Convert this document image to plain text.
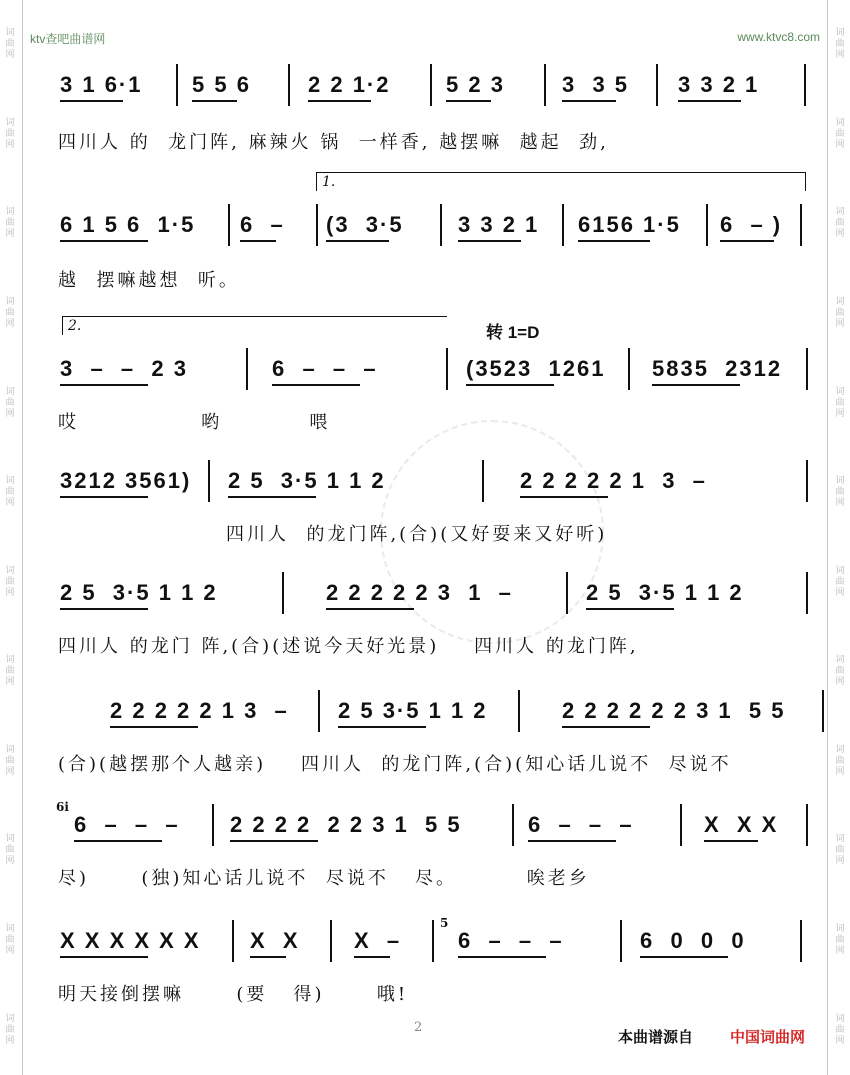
词曲网
词曲网
词曲网
词曲网
词曲网
词曲网
词曲网
词曲网
词曲网
词曲网
词曲网
词曲网
词曲网
词曲网
词曲网
词曲网
词曲网
词曲网
词曲网
词曲网
词曲网
词曲网
词曲网
词曲网
ktv查吧曲谱网	www.ktvc8.com
3 1 6·1 5 5 6	2 2 1·2	5 2 3	3  3 5 3 3 2 1
四川人 的  龙门阵, 麻辣火 锅  一样香, 越摆嘛  越起  劲,
6 1 5 6  1·5 6  – (3  3·5 3 3 2 1 6156 1·5 6  – )
越  摆嘛越想  听。
1.
3  –  –  2 3	6  –  –  –	(3523  1261 5835  2312
哎              哟          喂
2.	转 1=D
3212 3561) 2 5  3·5 1 1 2	2 2 2 2 2 1  3  –
四川人  的龙门阵,(合)(又好耍来又好听)
2 5  3·5 1 1 2	2 2 2 2 2 3  1  –	2 5  3·5 1 1 2
四川人 的龙门 阵,(合)(述说今天好光景)    四川人 的龙门阵,
2 2 2 2 2 1 3  – 2 5 3·5 1 1 2	2 2 2 2 2 2 3 1  5 5
(合)(越摆那个人越亲)    四川人  的龙门阵,(合)(知心话儿说不  尽说不
6  –  –  – 2 2 2 2  2 2 3 1  5 5	6  –  –  –	X  X X
尽)      (独)知心话儿说不  尽说不   尽。        唉老乡
6i
X X X X X X X  X X  –	6  –  –  –	6  0  0  0
明天接倒摆嘛      (要   得)      哦!
5
2
本曲谱源自 中国词曲网
